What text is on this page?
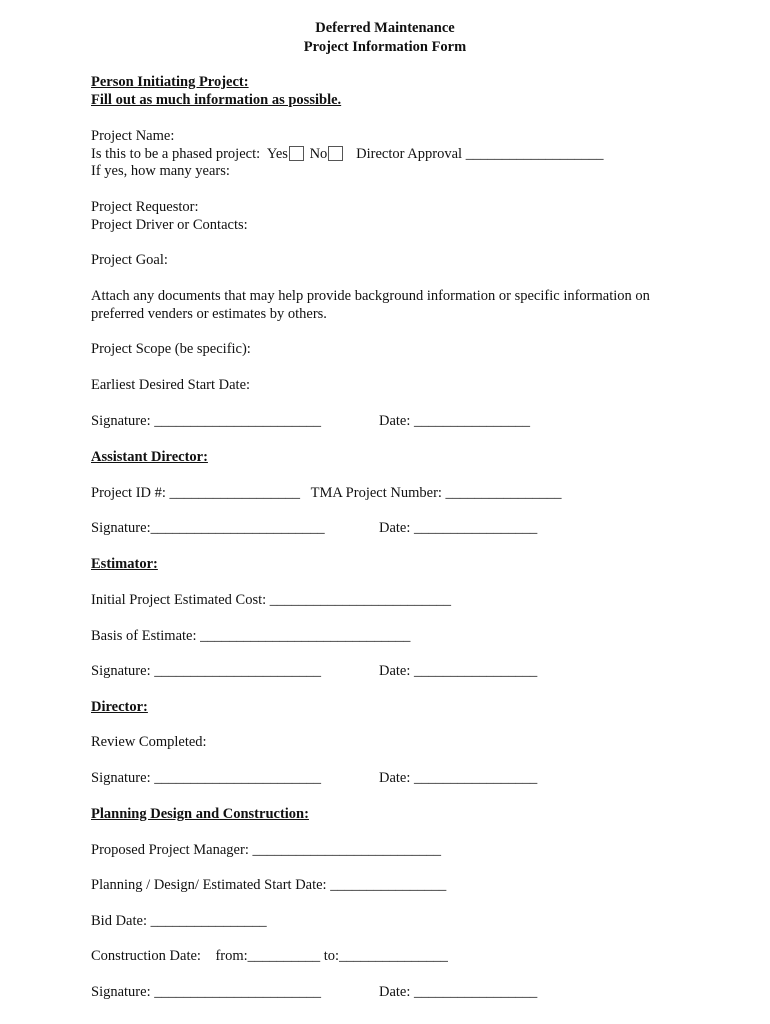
Deferred Maintenance
Project Information Form
Person Initiating Project:
Fill out as much information as possible.
Project Name:
Is this to be a phased project:  Yes No   Director Approval ___________________
If yes, how many years:
Project Requestor:
Project Driver or Contacts:
Project Goal:
Attach any documents that may help provide background information or specific information on
preferred venders or estimates by others.
Project Scope (be specific):
Earliest Desired Start Date:
Signature: _______________________	Date: ________________
Assistant Director:
Project ID #: __________________   TMA Project Number: ________________
Signature:________________________	Date: _________________
Estimator:
Initial Project Estimated Cost: _________________________
Basis of Estimate: _____________________________
Signature: _______________________	Date: _________________
Director:
Review Completed:
Signature: _______________________	Date: _________________
Planning Design and Construction:
Proposed Project Manager: __________________________
Planning / Design/ Estimated Start Date: ________________
Bid Date: ________________
Construction Date:    from:__________ to:_______________
Signature: _______________________	Date: _________________
